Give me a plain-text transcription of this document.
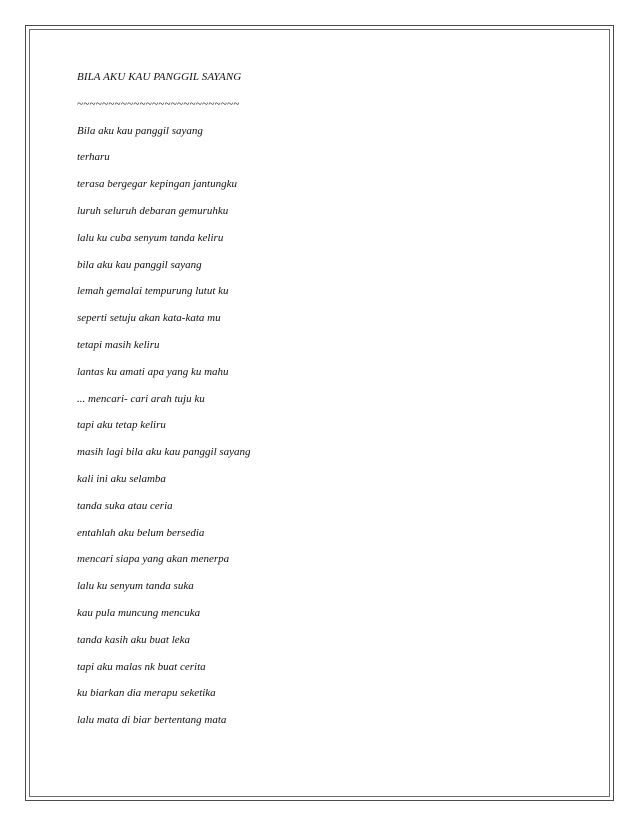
BILA AKU KAU PANGGIL SAYANG
~~~~~~~~~~~~~~~~~~~~~~~~~~
Bila aku kau panggil sayang
terharu
terasa bergegar kepingan jantungku
luruh seluruh debaran gemuruhku
lalu ku cuba senyum tanda keliru
bila aku kau panggil sayang
lemah gemalai tempurung lutut ku
seperti setuju akan kata-kata mu
tetapi masih keliru
lantas ku amati apa yang ku mahu
... mencari- cari arah tuju ku
tapi aku tetap keliru
masih lagi bila aku kau panggil sayang
kali ini aku selamba
tanda suka atau ceria
entahlah aku belum bersedia
mencari siapa yang akan menerpa
lalu ku senyum tanda suka
kau pula muncung mencuka
tanda kasih aku buat leka
tapi aku malas nk buat cerita
ku biarkan dia merapu seketika
lalu mata di biar bertentang mata
